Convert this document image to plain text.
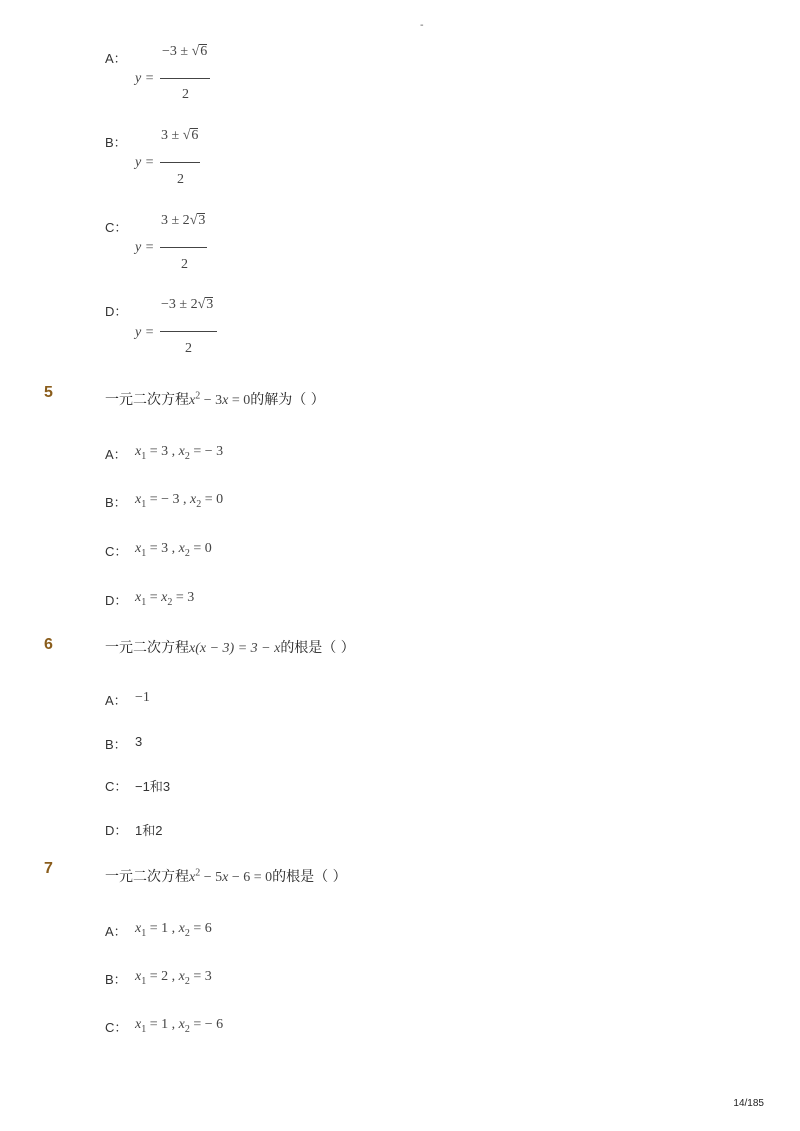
-
A：
y =
−3 ± √6
2
B：
y =
3 ± √6
2
C：
y =
3 ± 2√3
2
D：
y =
−3 ± 2√3
2
5	一元二次方程$x^2 - 3x = 0$的解为（ ）
A： $x_1 = 3$ , $x_2$ = − 3
B： $x_1$ = − 3 , $x_2 = 0$
C： $x_1 = 3$ , $x_2 = 0$
D： $x_1 = x_2 = 3$
6	一元二次方程x(x − 3) = 3 − x的根是（ ）
A： −1
B： 3
C： −1和3
D： 1和2
7	一元二次方程$x^2 - 5x - 6 = 0$的根是（ ）
A： $x_1 = 1$ , $x_2 = 6$
B： $x_1 = 2$ , $x_2 = 3$
C： $x_1 = 1$ , $x_2$ = − 6
14/185
